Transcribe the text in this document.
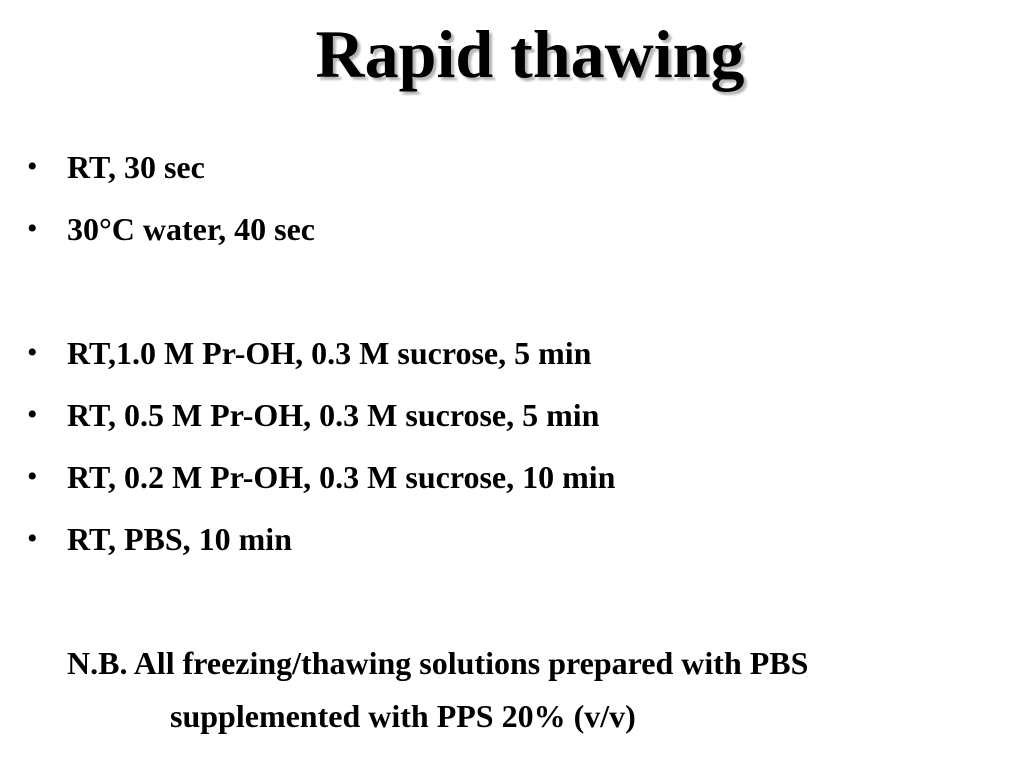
Rapid thawing
• RT, 30 sec
• 30°C water, 40 sec
• RT,1.0 M Pr-OH, 0.3 M sucrose, 5 min
• RT, 0.5 M Pr-OH, 0.3 M sucrose, 5 min
• RT, 0.2 M Pr-OH, 0.3 M sucrose, 10 min
• RT, PBS, 10 min
N.B. All freezing/thawing solutions prepared with PBS
supplemented with PPS 20% (v/v)
